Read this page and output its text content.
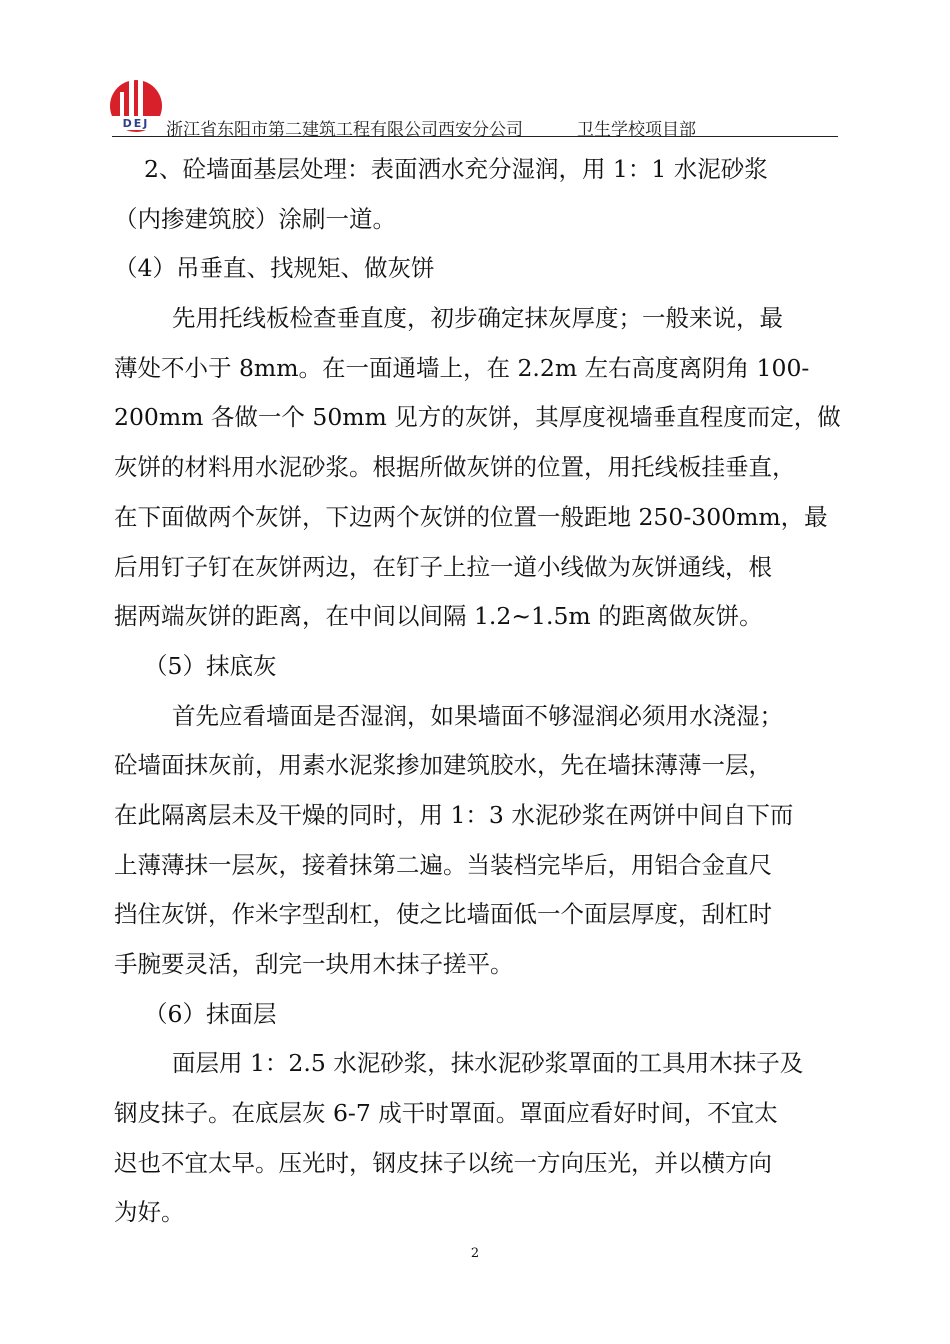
DEJ 浙江省东阳市第二建筑工程有限公司西安分公司	卫生学校项目部
2、砼墙面基层处理：表面洒水充分湿润，用 1：1 水泥砂浆
（内掺建筑胶）涂刷一道。
（4）吊垂直、找规矩、做灰饼
先用托线板检查垂直度，初步确定抹灰厚度；一般来说，最
薄处不小于 8mm。在一面通墙上，在 2.2m 左右高度离阴角 100-
200mm 各做一个 50mm 见方的灰饼，其厚度视墙垂直程度而定，做
灰饼的材料用水泥砂浆。根据所做灰饼的位置，用托线板挂垂直，
在下面做两个灰饼，下边两个灰饼的位置一般距地 250-300mm，最
后用钉子钉在灰饼两边，在钉子上拉一道小线做为灰饼通线，根
据两端灰饼的距离，在中间以间隔 1.2~1.5m 的距离做灰饼。
（5）抹底灰
首先应看墙面是否湿润，如果墙面不够湿润必须用水浇湿；
砼墙面抹灰前，用素水泥浆掺加建筑胶水，先在墙抹薄薄一层，
在此隔离层未及干燥的同时，用 1：3 水泥砂浆在两饼中间自下而
上薄薄抹一层灰，接着抹第二遍。当装档完毕后，用铝合金直尺
挡住灰饼，作米字型刮杠，使之比墙面低一个面层厚度，刮杠时
手腕要灵活，刮完一块用木抹子搓平。
（6）抹面层
面层用 1：2.5 水泥砂浆，抹水泥砂浆罩面的工具用木抹子及
钢皮抹子。在底层灰 6-7 成干时罩面。罩面应看好时间，不宜太
迟也不宜太早。压光时，钢皮抹子以统一方向压光，并以横方向
为好。
2
